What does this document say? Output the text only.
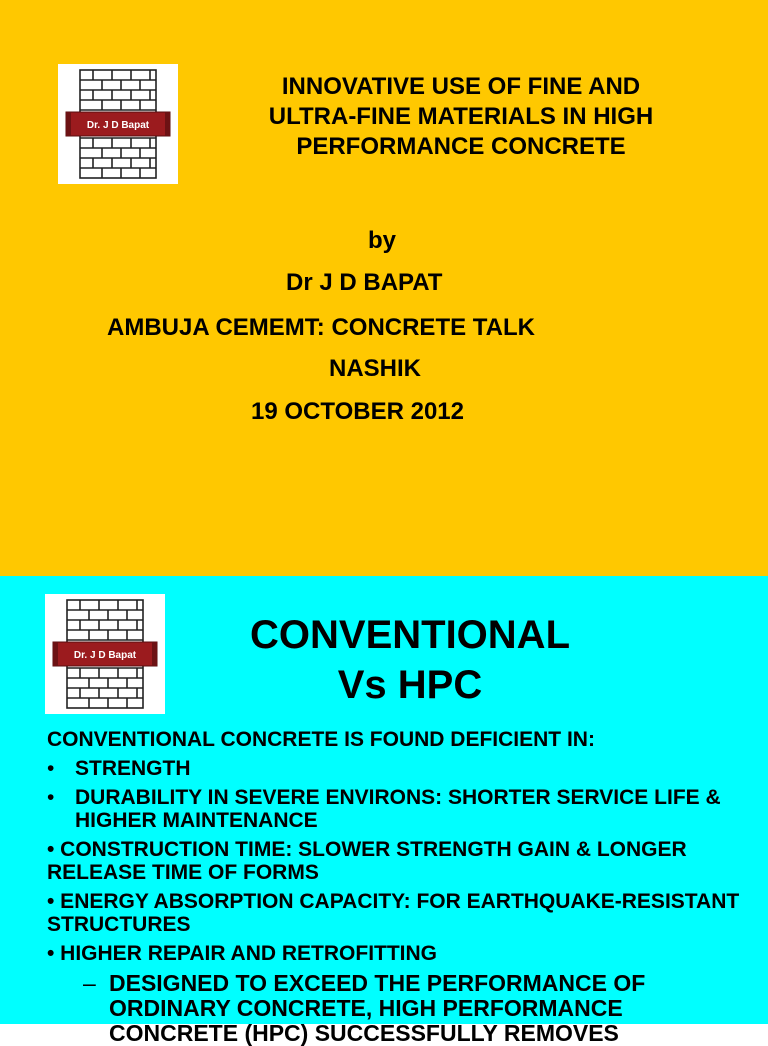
Dr. J D Bapat
INNOVATIVE USE OF FINE AND
ULTRA-FINE MATERIALS IN HIGH
PERFORMANCE CONCRETE
by
Dr J D BAPAT
AMBUJA CEMEMT: CONCRETE TALK
NASHIK
19 OCTOBER 2012
Dr. J D Bapat	CONVENTIONAL
Vs HPC
CONVENTIONAL CONCRETE IS FOUND DEFICIENT IN:
• STRENGTH
• DURABILITY IN SEVERE ENVIRONS: SHORTER SERVICE LIFE & HIGHER MAINTENANCE
• CONSTRUCTION TIME: SLOWER STRENGTH GAIN & LONGER RELEASE TIME OF FORMS
• ENERGY ABSORPTION CAPACITY: FOR EARTHQUAKE-RESISTANT STRUCTURES
• HIGHER REPAIR AND RETROFITTING
– DESIGNED TO EXCEED THE PERFORMANCE OF ORDINARY CONCRETE, HIGH PERFORMANCE CONCRETE (HPC) SUCCESSFULLY REMOVES
